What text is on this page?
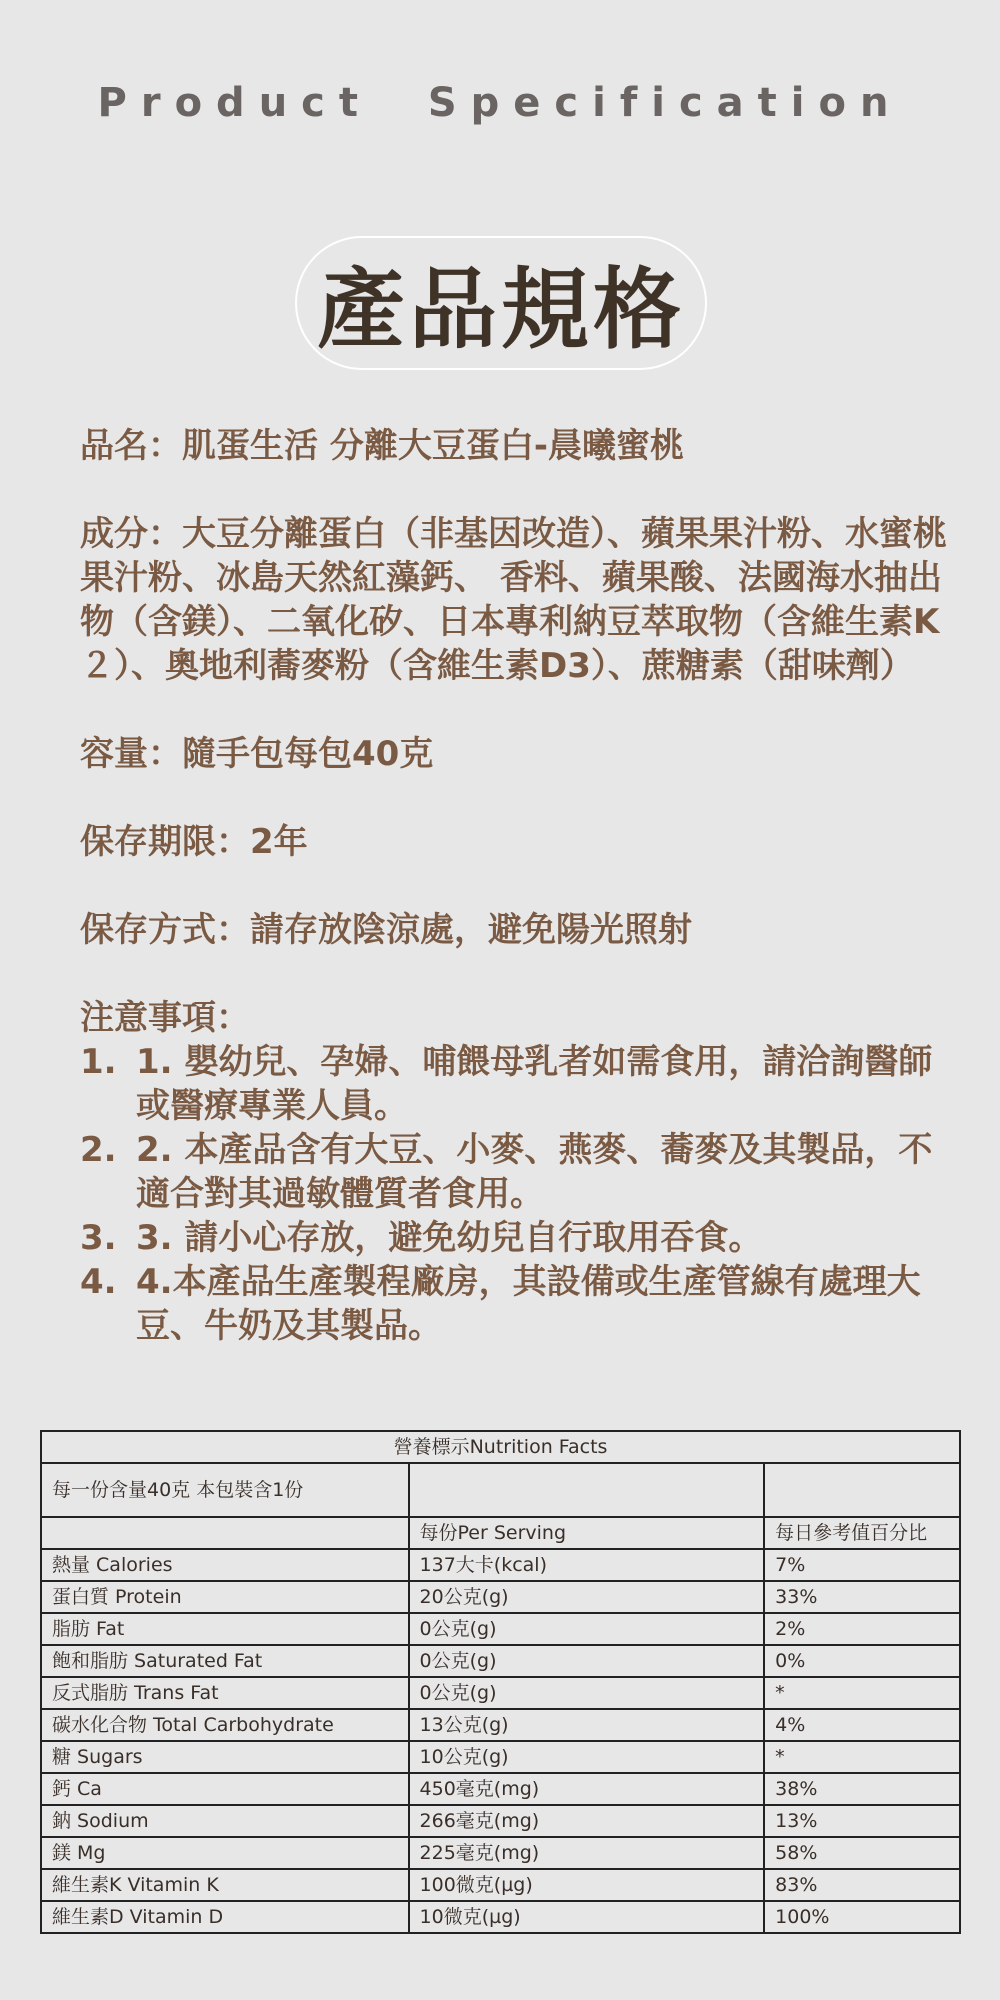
Product  Specification
產品規格
品名：肌蛋生活 分離大豆蛋白-晨曦蜜桃
成分：大豆分離蛋白（非基因改造）、蘋果果汁粉、水蜜桃果汁粉、冰島天然紅藻鈣、 香料、蘋果酸、法國海水抽出物（含鎂）、二氧化矽、日本專利納豆萃取物（含維生素K２）、奧地利蕎麥粉（含維生素D3）、蔗糖素（甜味劑）
容量：隨手包每包40克
保存期限：2年
保存方式：請存放陰涼處，避免陽光照射
注意事項：
1. 1. 嬰幼兒、孕婦、哺餵母乳者如需食用，請洽詢醫師或醫療專業人員。
2. 2. 本產品含有大豆、小麥、燕麥、蕎麥及其製品，不適合對其過敏體質者食用。
3. 3. 請小心存放，避免幼兒自行取用吞食。
4. 4.本產品生產製程廠房，其設備或生產管線有處理大豆、牛奶及其製品。
營養標示Nutrition Facts		
每一份含量40克 本包裝含1份		
	每份Per Serving	每日參考值百分比
熱量 Calories	137大卡(kcal)	7%
蛋白質 Protein	20公克(g)	33%
脂肪 Fat	0公克(g)	2%
飽和脂肪 Saturated Fat	0公克(g)	0%
反式脂肪 Trans Fat	0公克(g)	*
碳水化合物 Total Carbohydrate	13公克(g)	4%
糖 Sugars	10公克(g)	*
鈣 Ca	450毫克(mg)	38%
鈉 Sodium	266毫克(mg)	13%
鎂 Mg	225毫克(mg)	58%
維生素K Vitamin K	100微克(µg)	83%
維生素D Vitamin D	10微克(µg)	100%
